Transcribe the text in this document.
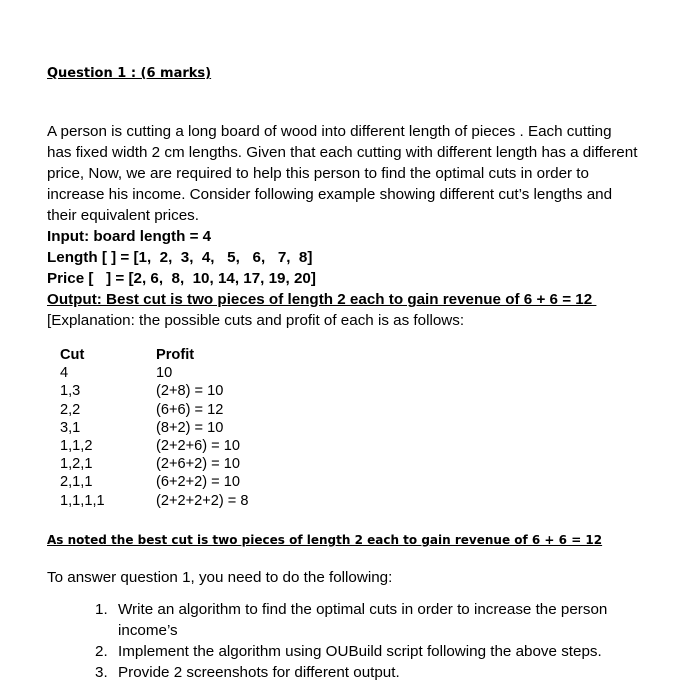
Question 1 : (6 marks)
A person is cutting a long board of wood into different length of pieces . Each cutting
has fixed width 2 cm lengths. Given that each cutting with different length has a different
price, Now, we are required to help this person to find the optimal cuts in order to
increase his income. Consider following example showing different cut’s lengths and
their equivalent prices.
Input: board length = 4
Length [ ] = [1,  2,  3,  4,   5,   6,   7,  8]
Price [   ] = [2, 6,  8,  10, 14, 17, 19, 20]
Output: Best cut is two pieces of length 2 each to gain revenue of 6 + 6 = 12
[Explanation: the possible cuts and profit of each is as follows:
Cut
4
1,3
2,2
3,1
1,1,2
1,2,1
2,1,1
1,1,1,1
Profit
10
(2+8) = 10
(6+6) = 12
(8+2) = 10
(2+2+6) = 10
(2+6+2) = 10
(6+2+2) = 10
(2+2+2+2) = 8
As noted the best cut is two pieces of length 2 each to gain revenue of 6 + 6 = 12
To answer question 1, you need to do the following:
1. Write an algorithm to find the optimal cuts in order to increase the person
income’s
2. Implement the algorithm using OUBuild script following the above steps.
3. Provide 2 screenshots for different output.
